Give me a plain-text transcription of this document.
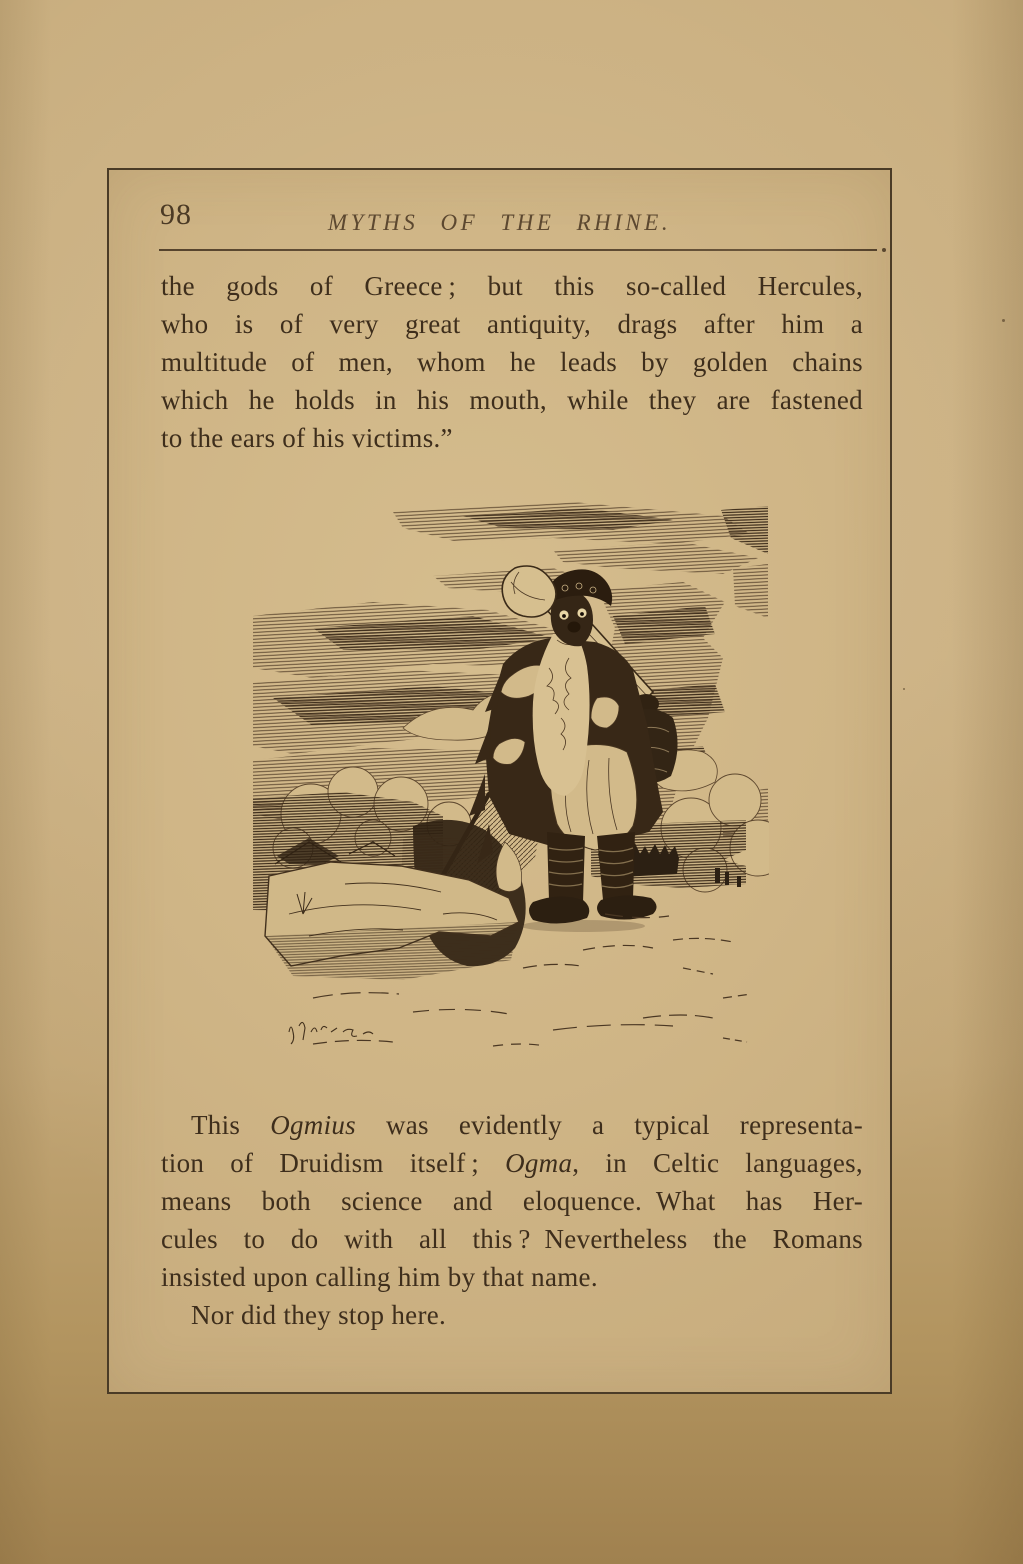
98	MYTHS OF THE RHINE.
the gods of Greece ; but this so-called Hercules,
who is of very great antiquity, drags after him a
multitude of men, whom he leads by golden chains
which he holds in his mouth, while they are fastened
to the ears of his victims.”
This Ogmius was evidently a typical representa-
tion of Druidism itself ; Ogma, in Celtic languages,
means both science and eloquence. What has Her-
cules to do with all this ? Nevertheless the Romans
insisted upon calling him by that name.
Nor did they stop here.
